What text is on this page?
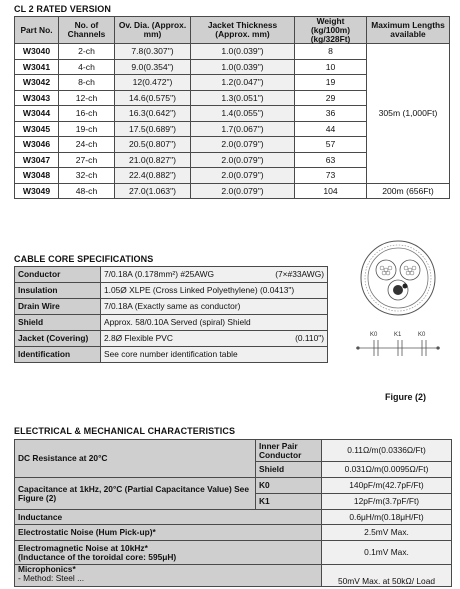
CL 2 RATED VERSION
Part No.	No. of Channels	Ov. Dia. (Approx. mm)	Jacket Thickness (Approx. mm)	Weight (kg/100m) (kg/328Ft)	Maximum Lengths available
W3040	2-ch	7.8(0.307")	1.0(0.039")	8	305m (1,000Ft)
W3041	4-ch	9.0(0.354")	1.0(0.039")	10	
W3042	8-ch	12(0.472")	1.2(0.047")	19	
W3043	12-ch	14.6(0.575")	1.3(0.051")	29	
W3044	16-ch	16.3(0.642")	1.4(0.055")	36	
W3045	19-ch	17.5(0.689")	1.7(0.067")	44	
W3046	24-ch	20.5(0.807")	2.0(0.079")	57	
W3047	27-ch	21.0(0.827")	2.0(0.079")	63	
W3048	32-ch	22.4(0.882")	2.0(0.079")	73	
W3049	48-ch	27.0(1.063")	2.0(0.079")	104	200m (656Ft)
CABLE CORE SPECIFICATIONS
Conductor	7/0.18A (0.178mm²) #25AWG (7×#33AWG)

Insulation	1.05Ø XLPE (Cross Linked Polyethylene) (0.0413")
Drain Wire	7/0.18A (Exactly same as conductor)
Shield	Approx. 58/0.10A Served (spiral) Shield
Jacket (Covering)	2.8Ø Flexible PVC (0.110")

Identification	See core number identification table
K0	K1	K0
Figure (2)
ELECTRICAL & MECHANICAL CHARACTERISTICS
DC Resistance at 20°C	Inner Pair Conductor	0.11Ω/m(0.0336Ω/Ft)
	Shield	0.031Ω/m(0.0095Ω/Ft)
Capacitance at 1kHz, 20°C (Partial Capacitance Value) See Figure (2)	K0	140pF/m(42.7pF/Ft)
	K1	12pF/m(3.7pF/Ft)
Inductance		0.6μH/m(0.18μH/Ft)
Electrostatic Noise (Hum Pick-up)*		2.5mV Max.

Electromagnetic Noise at 10kHz*
(Inductance of the toroidal core: 595μH)		0.1mV Max.

Microphonics*
- Method: Steel ...		50mV Max. at 50kΩ/ Load
